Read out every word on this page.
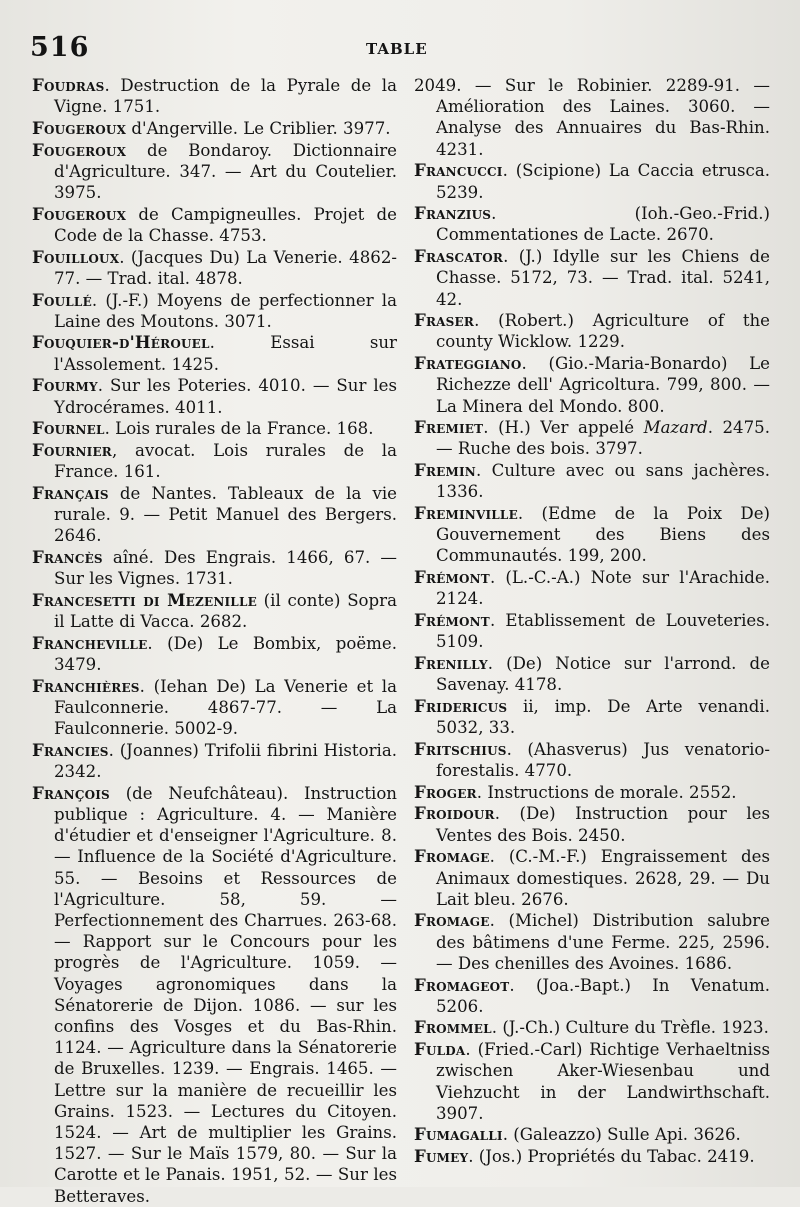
516	TABLE

Foudras. Destruction de la Pyrale de la Vigne. 1751.

Fougeroux d'Angerville. Le Criblier. 3977.

Fougeroux de Bondaroy. Dictionnaire d'Agriculture. 347. — Art du Coutelier. 3975.

Fougeroux de Campigneulles. Projet de Code de la Chasse. 4753.

Fouilloux. (Jacques Du) La Venerie. 4862-77. — Trad. ital. 4878.

Foullé. (J.-F.) Moyens de perfectionner la Laine des Moutons. 3071.

Fouquier-d'Hérouel. Essai sur l'Assolement. 1425.

Fourmy. Sur les Poteries. 4010. — Sur les Ydrocérames. 4011.

Fournel. Lois rurales de la France. 168.

Fournier, avocat. Lois rurales de la France. 161.

Français de Nantes. Tableaux de la vie rurale. 9. — Petit Manuel des Bergers. 2646.

Francès aîné. Des Engrais. 1466, 67. — Sur les Vignes. 1731.

Francesetti di Mezenille (il conte) Sopra il Latte di Vacca. 2682.

Francheville. (De) Le Bombix, poëme. 3479.

Franchières. (Iehan De) La Venerie et la Faulconnerie. 4867-77. — La Faulconnerie. 5002-9.

Francies. (Joannes) Trifolii fibrini Historia. 2342.

François (de Neufchâteau). Instruction publique : Agriculture. 4. — Manière d'étudier et d'enseigner l'Agriculture. 8. — Influence de la Société d'Agriculture. 55. — Besoins et Ressources de l'Agriculture. 58, 59. — Perfectionnement des Charrues. 263-68. — Rapport sur le Concours pour les progrès de l'Agriculture. 1059. — Voyages agronomiques dans la Sénatorerie de Dijon. 1086. — sur les confins des Vosges et du Bas-Rhin. 1124. — Agriculture dans la Sénatorerie de Bruxelles. 1239. — Engrais. 1465. — Lettre sur la manière de recueillir les Grains. 1523. — Lectures du Citoyen. 1524. — Art de multiplier les Grains. 1527. — Sur le Maïs 1579, 80. — Sur la Carotte et le Panais. 1951, 52. — Sur les Betteraves.

2049. — Sur le Robinier. 2289-91. — Amélioration des Laines. 3060. — Analyse des Annuaires du Bas-Rhin. 4231.

Francucci. (Scipione) La Caccia etrusca. 5239.

Franzius. (Ioh.-Geo.-Frid.) Commentationes de Lacte. 2670.

Frascator. (J.) Idylle sur les Chiens de Chasse. 5172, 73. — Trad. ital. 5241, 42.

Fraser. (Robert.) Agriculture of the county Wicklow. 1229.

Frateggiano. (Gio.-Maria-Bonardo) Le Richezze dell' Agricoltura. 799, 800. — La Minera del Mondo. 800.

Fremiet. (H.) Ver appelé Mazard. 2475. — Ruche des bois. 3797.

Fremin. Culture avec ou sans jachères. 1336.

Freminville. (Edme de la Poix De) Gouvernement des Biens des Communautés. 199, 200.

Frémont. (L.-C.-A.) Note sur l'Arachide. 2124.

Frémont. Etablissement de Louveteries. 5109.

Frenilly. (De) Notice sur l'arrond. de Savenay. 4178.

Fridericus ii, imp. De Arte venandi. 5032, 33.

Fritschius. (Ahasverus) Jus venatorio-forestalis. 4770.

Froger. Instructions de morale. 2552.

Froidour. (De) Instruction pour les Ventes des Bois. 2450.

Fromage. (C.-M.-F.) Engraissement des Animaux domestiques. 2628, 29. — Du Lait bleu. 2676.

Fromage. (Michel) Distribution salubre des bâtimens d'une Ferme. 225, 2596. — Des chenilles des Avoines. 1686.

Fromageot. (Joa.-Bapt.) In Venatum. 5206.

Frommel. (J.-Ch.) Culture du Trèfle. 1923.

Fulda. (Fried.-Carl) Richtige Verhaeltniss zwischen Aker-Wiesenbau und Viehzucht in der Landwirthschaft. 3907.

Fumagalli. (Galeazzo) Sulle Api. 3626.

Fumey. (Jos.) Propriétés du Tabac. 2419.
